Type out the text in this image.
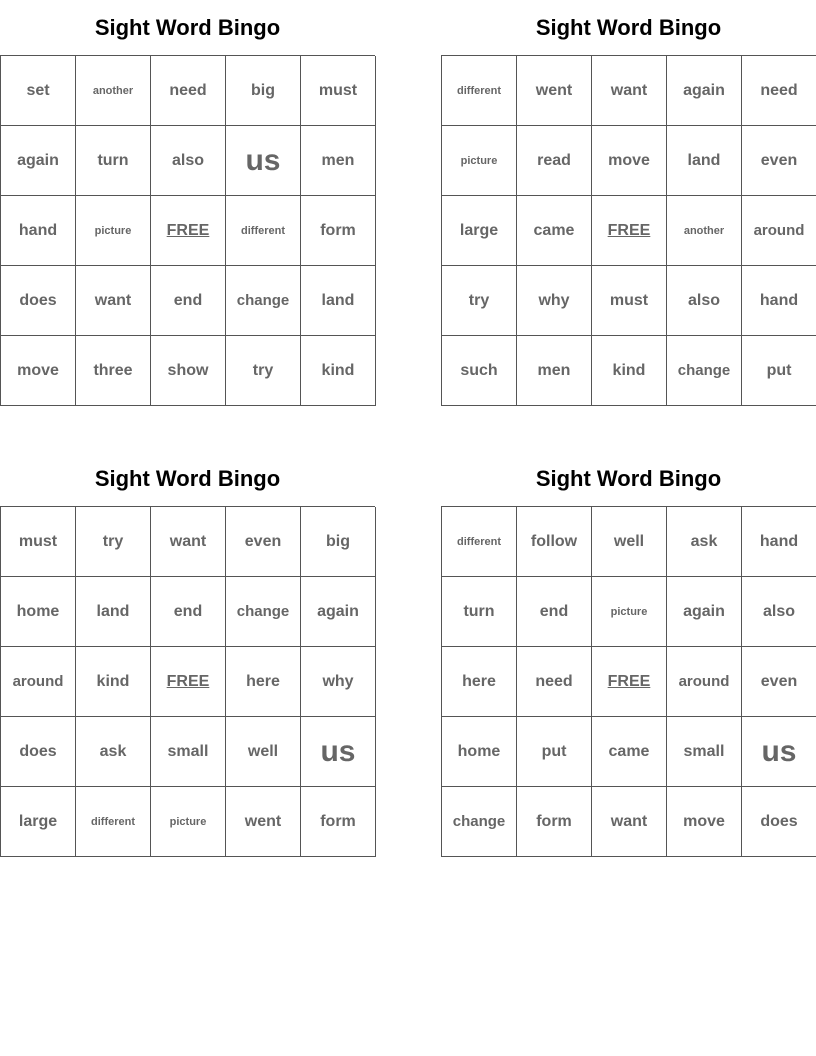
Sight Word Bingo
set	another	need	big	must
again	turn	also	us	men
hand	picture	FREE	different	form
does	want	end	change	land
move	three	show	try	kind
Sight Word Bingo
different	went	want	again	need
picture	read	move	land	even
large	came	FREE	another	around
try	why	must	also	hand
such	men	kind	change	put
Sight Word Bingo
must	try	want	even	big
home	land	end	change	again
around	kind	FREE	here	why
does	ask	small	well	us
large	different	picture	went	form
Sight Word Bingo
different	follow	well	ask	hand
turn	end	picture	again	also
here	need	FREE	around	even
home	put	came	small	us
change	form	want	move	does
